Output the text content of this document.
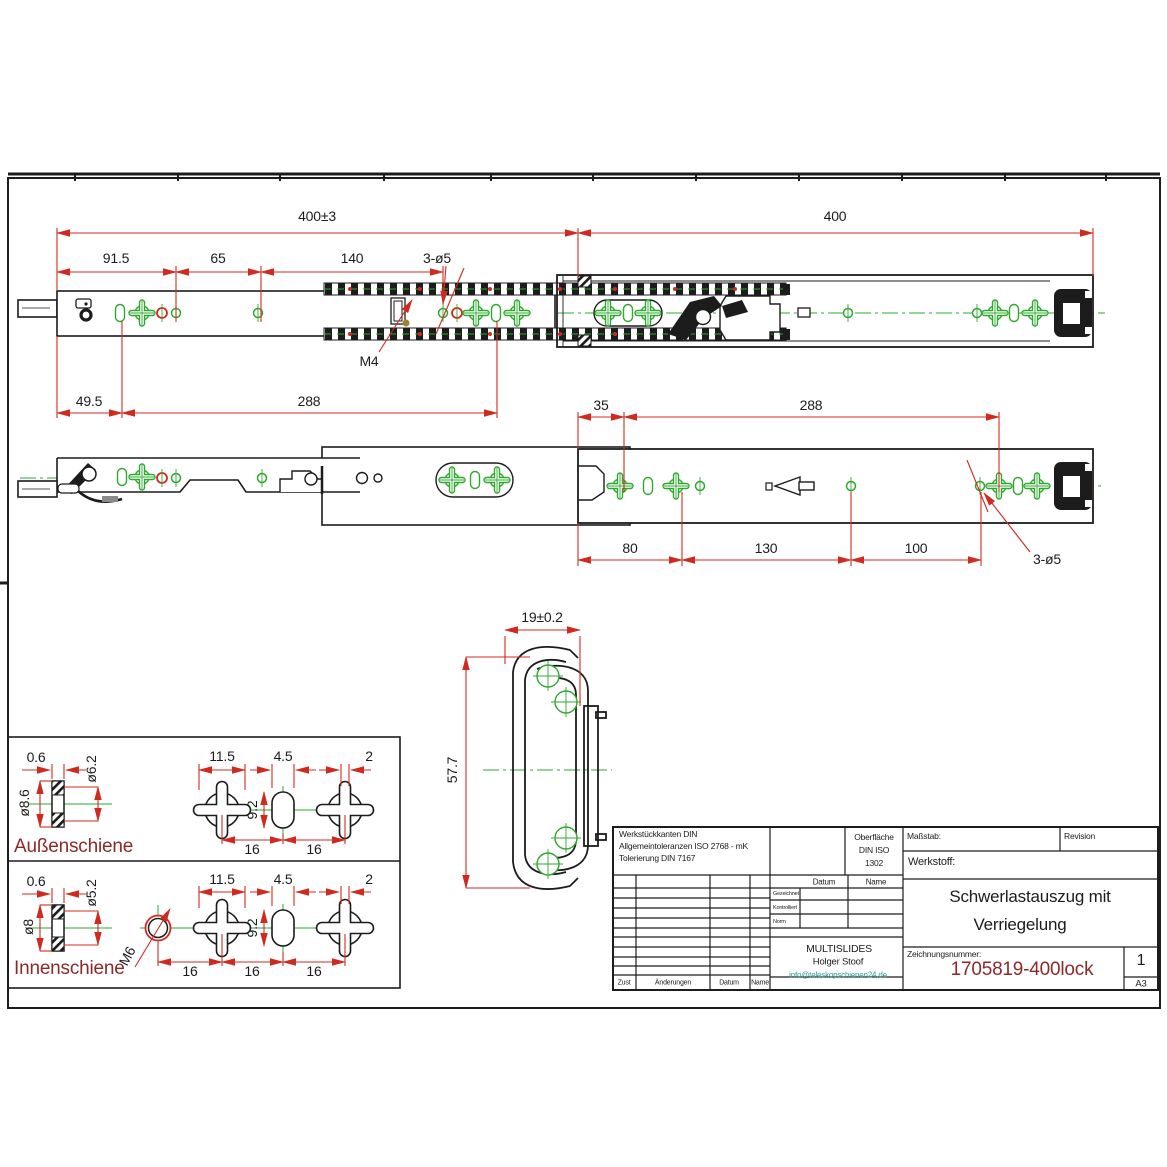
400±3	400
91.5	65	140	3-ø5
M4
49.5	288	35	288
80	130	100
3-ø5
19±0.2
57.7
0.6	ø6.2
ø8.6
11.5	4.5	2
9.2
16	16
Außenschiene
0.6	ø5.2
ø8
M6
11.5	4.5	2
9.2
16	16	16
Innenschiene
Werkstückkanten DIN
Allgemeintoleranzen ISO 2768 - mK
Tolerierung DIN 7167
Oberfläche
DIN ISO
1302
Maßstab:	Revision
Werkstoff:
Schwerlastauszug mit
Verriegelung
Datum	Name
Gezeichnet
Kontrolliert
Norm
MULTISLIDES
Holger Stoof
info@teleskopschienen24.de
Zeichnungsnummer:
1705819-400lock	1
A3
Zust	Änderungen	Datum Name
